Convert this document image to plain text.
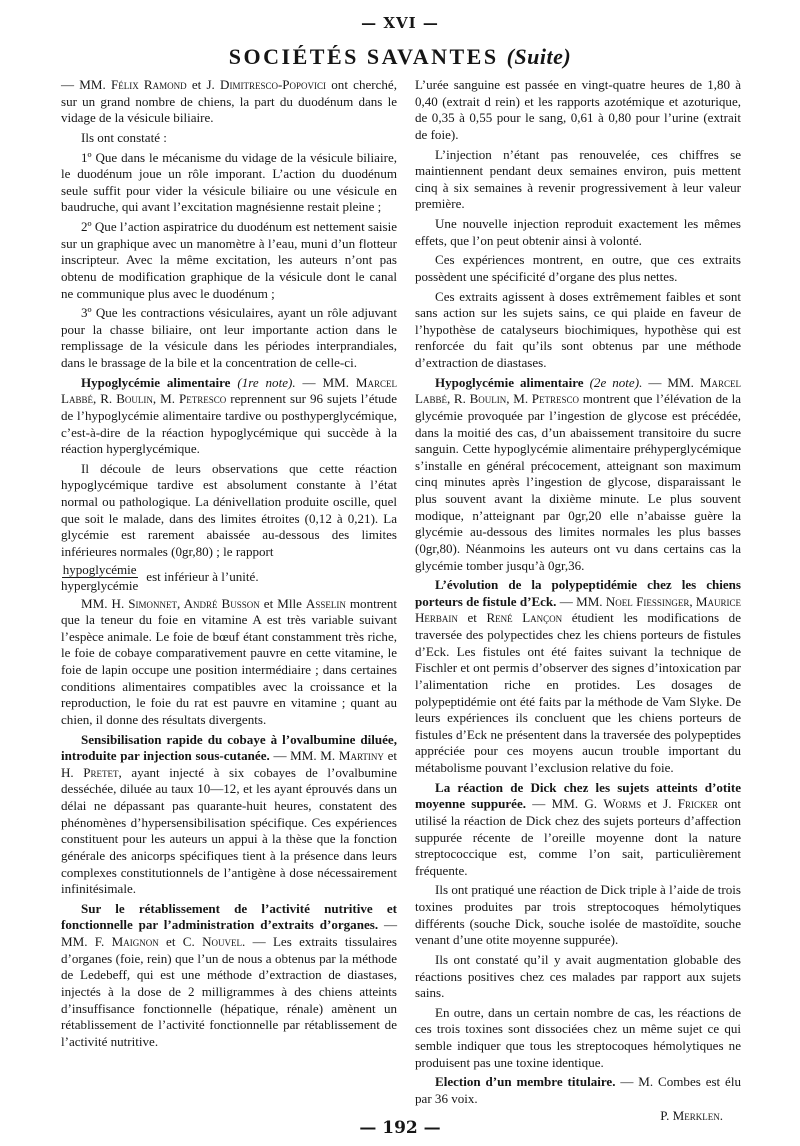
— XVI —
SOCIÉTÉS SAVANTES (Suite)

— MM. Félix Ramond et J. Dimitresco-Popovici ont cherché, sur un grand nombre de chiens, la part du duodénum dans le vidage de la vésicule biliaire.

Ils ont constaté :

1º Que dans le mécanisme du vidage de la vésicule biliaire, le duodénum joue un rôle imporant. L’action du duodénum seule suffit pour vider la vésicule biliaire ou une vésicule en baudruche, qui avant l’excitation magnésienne restait pleine ;

2º Que l’action aspiratrice du duodénum est nettement saisie sur un graphique avec un manomètre à l’eau, muni d’un flotteur inscripteur. Avec la même excitation, les auteurs n’ont pas obtenu de modification graphique de la vésicule dont le canal ne communique plus avec le duodénum ;

3º Que les contractions vésiculaires, ayant un rôle adjuvant pour la chasse biliaire, ont leur importante action dans le remplissage de la vésicule dans les périodes interprandiales, dans le brassage de la bile et la concentration de celle-ci.

Hypoglycémie alimentaire (1re note). — MM. Marcel Labbé, R. Boulin, M. Petresco reprennent sur 96 sujets l’étude de l’hypoglycémie alimentaire tardive ou posthyperglycémique, c’est-à-dire de la réaction hypoglycémique qui succède à la réaction hyperglycémique.

Il découle de leurs observations que cette réaction hypoglycémique tardive est absolument constante à l’état normal ou pathologique. La dénivellation produite oscille, quel que soit le malade, dans des limites étroites (0,12 à 0,21). La glycémie est rarement abaissée au-dessous des limites inférieures normales (0gr,80) ; le rapport

$\frac{\text{hypoglycémie}}{\text{hyperglycémie}}$ est inférieur à l’unité.

MM. H. Simonnet, André Busson et Mlle Asselin montrent que la teneur du foie en vitamine A est très variable suivant l’espèce animale. Le foie de bœuf étant constamment très riche, le foie de cobaye comparativement pauvre en cette vitamine, le foie de lapin occupe une position intermédiaire ; dans certaines conditions alimentaires compatibles avec la croissance et la reproduction, le foie du rat est pauvre en vitamine ; quant au chien, il donne des résultats divergents.

Sensibilisation rapide du cobaye à l’ovalbumine diluée, introduite par injection sous-cutanée. — MM. M. Martiny et H. Pretet, ayant injecté à six cobayes de l’ovalbumine desséchée, diluée au taux 10—12, et les ayant éprouvés dans un délai ne dépassant pas quarante-huit heures, constatent des phénomènes d’hypersensibilisation spécifique. Ces expériences constituent pour les auteurs un appui à la thèse que la fonction générale des anicorps spécifiques tient à la présence dans leurs complexes constitutionnels de l’antigène à dose nécessairement infinitésimale.

Sur le rétablissement de l’activité nutritive et fonctionnelle par l’administration d’extraits d’organes. — MM. F. Maignon et C. Nouvel. — Les extraits tissulaires d’organes (foie, rein) que l’un de nous a obtenus par la méthode de Ledebeff, qui est une méthode d’extraction de diastases, injectés à la dose de 2 milligrammes à des chiens atteints d’insuffisance fonctionnelle (hépatique, rénale) amènent un rétablissement de l’activité fonctionnelle par rétablissement de l’activité nutritive.

L’urée sanguine est passée en vingt-quatre heures de 1,80 à 0,40 (extrait d rein) et les rapports azotémique et azoturique, de 0,35 à 0,55 pour le sang, 0,61 à 0,80 pour l’urine (extrait de foie).

L’injection n’étant pas renouvelée, ces chiffres se maintiennent pendant deux semaines environ, puis mettent cinq à six semaines à revenir progressivement à leur valeur première.

Une nouvelle injection reproduit exactement les mêmes effets, que l’on peut obtenir ainsi à volonté.

Ces expériences montrent, en outre, que ces extraits possèdent une spécificité d’organe des plus nettes.

Ces extraits agissent à doses extrêmement faibles et sont sans action sur les sujets sains, ce qui plaide en faveur de l’hypothèse de catalyseurs biochimiques, hypothèse qui est renforcée du fait qu’ils sont obtenus par une méthode d’extraction de diastases.

Hypoglycémie alimentaire (2e note). — MM. Marcel Labbé, R. Boulin, M. Petresco montrent que l’élévation de la glycémie provoquée par l’ingestion de glycose est précédée, dans la moitié des cas, d’un abaissement transitoire du sucre sanguin. Cette hypoglycémie alimentaire préhyperglycémique s’installe en général précocement, atteignant son maximum cinq minutes après l’ingestion de glycose, disparaissant le plus souvent avant la dixième minute. Le plus souvent modique, n’atteignant par 0gr,20 elle n’abaisse guère la glycémie au-dessous des limites normales les plus basses (0gr,80). Néanmoins les auteurs ont vu dans certains cas la glycémie tomber jusqu’à 0gr,36.

L’évolution de la polypeptidémie chez les chiens porteurs de fistule d’Eck. — MM. Noel Fiessinger, Maurice Herbain et René Lançon étudient les modifications de traversée des polypectides chez les chiens porteurs de fistules d’Eck. Les fistules ont été faites suivant la technique de Fischler et ont permis d’observer des signes d’intoxication par l’alimentation riche en protides. Les dosages de polypeptidémie ont été faits par la méthode de Vam Slyke. De leurs expériences ils concluent que les chiens porteurs de fistules d’Eck ne présentent dans la traversée des polypeptides appréciée pour ces moyens aucun trouble important du métabolisme pouvant l’exclusion relative du foie.

La réaction de Dick chez les sujets atteints d’otite moyenne suppurée. — MM. G. Worms et J. Fricker ont utilisé la réaction de Dick chez des sujets porteurs d’affection suppurée récente de l’oreille moyenne dont la nature streptococcique est, comme l’on sait, particulièrement fréquente.

Ils ont pratiqué une réaction de Dick triple à l’aide de trois toxines produites par trois streptocoques hémolytiques différents (souche Dick, souche isolée de mastoïdite, souche venant d’une otite moyenne suppurée).

Ils ont constaté qu’il y avait augmentation globable des réactions positives chez ces malades par rapport aux sujets sains.

En outre, dans un certain nombre de cas, les réactions de ces trois toxines sont dissociées chez un même sujet ce qui semble indiquer que tous les streptocoques hémolytiques ne produisent pas une toxine identique.

Election d’un membre titulaire. — M. Combes est élu par 36 voix.

P. Merklen.

— 192 —
